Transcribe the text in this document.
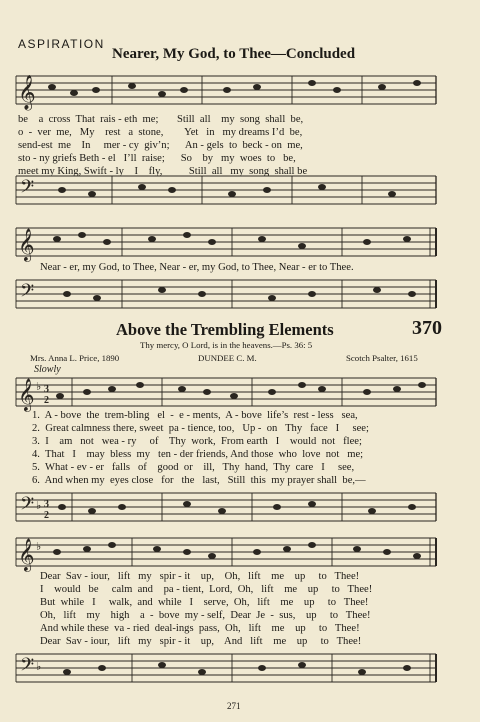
ASPIRATION
Nearer, My God, to Thee—Concluded
𝄞
be    a  cross  That  rais - eth  me;       Still  all    my  song  shall  be,
o  -  ver  me,   My    rest   a  stone,        Yet   in   my dreams I’d  be,
send-est  me    In     mer - cy  giv’n;      An - gels  to  beck - on  me,
sto - ny griefs Beth - el   I’ll  raise;      So    by   my  woes  to   be,
meet my King, Swift - ly    I    fly,          Still  all   my  song  shall be
𝄢
𝄞
Near - er, my God, to Thee, Near - er, my God, to Thee, Near - er to Thee.
𝄢
Above the Trembling Elements	370
Thy mercy, O Lord, is in the heavens.—Ps. 36: 5
Mrs. Anna L. Price, 1890	DUNDEE C. M.	Scotch Psalter, 1615
Slowly
𝄞 ♭ 3
2
1.  A - bove  the  trem-bling   el  -  e - ments,  A - bove  life’s  rest - less   sea,
2.  Great calmness there, sweet  pa - tience, too,   Up -  on   Thy   face   I     see;
3.  I    am   not   wea - ry     of    Thy  work,  From earth   I    would  not   flee;
4.  That   I    may  bless  my   ten - der friends, And those  who  love  not   me;
5.  What - ev - er   falls   of    good  or    ill,   Thy  hand,  Thy  care   I     see,
6.  And when my  eyes close   for   the   last,   Still  this  my prayer shall  be,—
𝄢 ♭ 3
2
𝄞 ♭
Dear  Sav - iour,   lift   my   spir - it    up,    Oh,   lift    me    up     to   Thee!
I    would   be     calm  and    pa - tient,  Lord,  Oh,   lift    me    up     to   Thee!
But  while   I     walk,  and  while   I    serve,  Oh,   lift    me    up     to   Thee!
Oh,   lift    my    high    a  -  bove  my - self,  Dear  Je  -  sus,    up     to   Thee!
And while these  va - ried  deal-ings  pass,  Oh,   lift    me    up     to   Thee!
Dear  Sav - iour,   lift   my   spir - it    up,    And   lift    me    up     to   Thee!
𝄢 ♭
271
